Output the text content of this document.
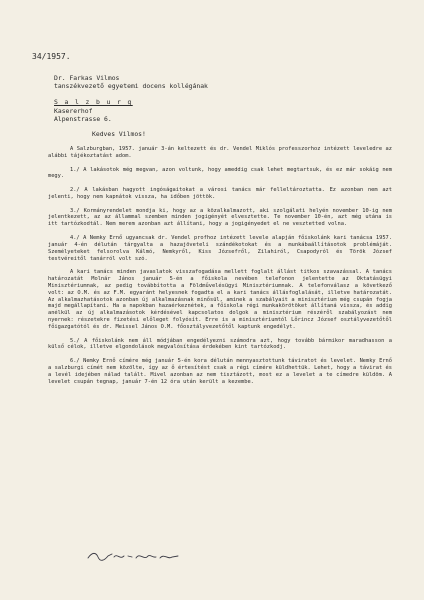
34/1957.
Dr. Farkas Vilmos
tanszékvezető egyetemi docens kollégának
S a l z b u r g
Kasererhof
Alpenstrasse 6.
Kedves Vilmos!

A Salzburgban, 1957. január 3-án keltezett és dr. Vendel Miklós professzorhoz intézett leveledre az alábbi tájékoztatást adom.

1./ A lakásotok még megvan, azon voltunk, hogy ameddig csak lehet megtartsuk, és ez már sokáig nem megy.

2./ A lakásban hagyott ingóságaitokat a városi tanács már felleltároztatta. Ez azonban nem azt jelenti, hogy nem kapnátok vissza, ha időben jöttök.

3./ Kormányrendelet mondja ki, hogy az a közalkalmazott, aki szolgálati helyén november 10-ig nem jelentkezett, az az állammal szemben minden jogigényét elvesztette. Te november 10-én, azt még utána is itt tartózkodtál. Nem merem azonban azt állítani, hogy a jogigényedet el ne vesztetted volna.

4./ A Nemky Ernő ugyancsak dr. Vendel profhoz intézett levele alapján főiskolánk kari tanácsa 1957. január 4-én délután tárgyalta a hazajöveteli szándékotokat és a munkábaállításotok problémáját. Személyeteket felsorolva Kálmó, Nemkyről, Kiss Józsefről, Zilahiról, Csapodyról és Török József testvéreitől tanárról volt szó.

A kari tanács minden javaslatok visszafogadása mellett foglalt állást titkos szavazással. A tanács határozatát Molnár János január 5-én a főiskola nevében telefonon jelentette az Oktatásügyi Minisztériumnak, az pedig továbbította a Földművelésügyi Minisztériumnak. A telefonválasz a következő volt: az O.M. és az F.M. egyaránt helyesnek fogadta el a kari tanács állásfoglalását, illetve határozatát. Az alkalmazhatásotok azonban új alkalmazásnak minősül, aminek a szabályait a minisztérium még csupán fogja majd megállapítani. Ha a napokban hazaérkeznétek, a főiskola régi munkakörötöket állítaná vissza, és addig anélkül az új alkalmazásotok kérdésével kapcsolatos dolgok a minisztérium részéről szabályozást nem nyernek: részetekre fizetési előleget folyósít. Erre is a minisztériumtól Lőrincz József osztályvezetőtől főigazgatótól és dr. Meissel János O.M. főosztályvezetőtől kaptunk engedélyt.

5./ A főiskolánk nem áll módjában engedélyezni számodra azt, hogy tovább bármikor maradhasson a külső célok, illetve elgondolások megvalósítása érdekében kint tartózkodj.

6./ Nemky Ernő címére még január 5-én kora délután mennyasztottunk táviratot és levelet. Nemky Ernő a salzburgi címét nem közölte, így az ő értesítést csak a régi címére küldhettük. Lehet, hogy a távirat és a levél idejében nálad talált. Mivel azonban az nem tisztázott, most ez a levelet a te címedre küldöm. A levelet csupán tegnap, január 7-én 12 óra után került a kezembe.
